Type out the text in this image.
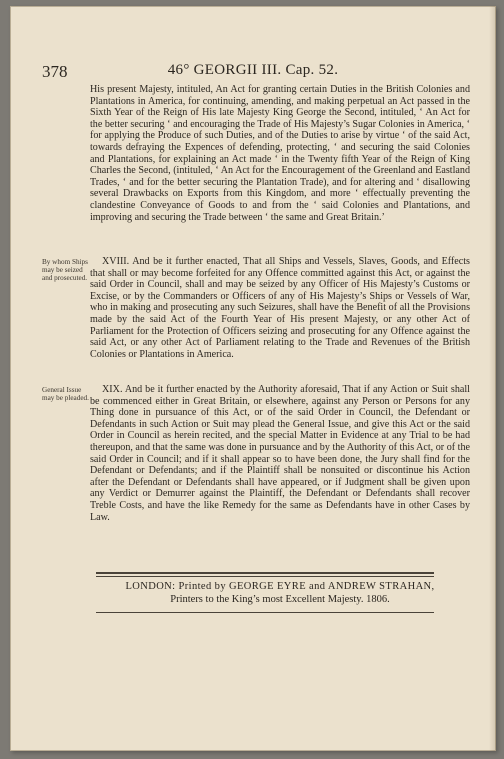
378	46° GEORGII III. Cap. 52.

His present Majesty, intituled, An Act for granting certain Duties in the British Colonies and Plantations in America, for continuing, amending, and making perpetual an Act passed in the Sixth Year of the Reign of His late Majesty King George the Second, intituled, ‘ An Act for the better securing ‘ and encouraging the Trade of His Majesty’s Sugar Colonies in America, ‘ for applying the Produce of such Duties, and of the Duties to arise by virtue ‘ of the said Act, towards defraying the Expences of defending, protecting, ‘ and securing the said Colonies and Plantations, for explaining an Act made ‘ in the Twenty fifth Year of the Reign of King Charles the Second, (intituled, ‘ An Act for the Encouragement of the Greenland and Eastland Trades, ‘ and for the better securing the Plantation Trade), and for altering and ‘ disallowing several Drawbacks on Exports from this Kingdom, and more ‘ effectually preventing the clandestine Conveyance of Goods to and from the ‘ said Colonies and Plantations, and improving and securing the Trade between ‘ the same and Great Britain.’

By whom Ships may be seized and prosecuted.

XVIII. And be it further enacted, That all Ships and Vessels, Slaves, Goods, and Effects that shall or may become forfeited for any Offence committed against this Act, or against the said Order in Council, shall and may be seized by any Officer of His Majesty’s Customs or Excise, or by the Commanders or Officers of any of His Majesty’s Ships or Vessels of War, who in making and prosecuting any such Seizures, shall have the Benefit of all the Provisions made by the said Act of the Fourth Year of His present Majesty, or any other Act of Parliament for the Protection of Officers seizing and prosecuting for any Offence against the said Act, or any other Act of Parliament relating to the Trade and Revenues of the British Colonies or Plantations in America.

General Issue may be pleaded.

XIX. And be it further enacted by the Authority aforesaid, That if any Action or Suit shall be commenced either in Great Britain, or elsewhere, against any Person or Persons for any Thing done in pursuance of this Act, or of the said Order in Council, the Defendant or Defendants in such Action or Suit may plead the General Issue, and give this Act or the said Order in Council as herein recited, and the special Matter in Evidence at any Trial to be had thereupon, and that the same was done in pursuance and by the Authority of this Act, or of the said Order in Council; and if it shall appear so to have been done, the Jury shall find for the Defendant or Defendants; and if the Plaintiff shall be nonsuited or discontinue his Action after the Defendant or Defendants shall have appeared, or if Judgment shall be given upon any Verdict or Demurrer against the Plaintiff, the Defendant or Defendants shall recover Treble Costs, and have the like Remedy for the same as Defendants have in other Cases by Law.

LONDON: Printed by GEORGE EYRE and ANDREW STRAHAN,
Printers to the King’s most Excellent Majesty. 1806.
